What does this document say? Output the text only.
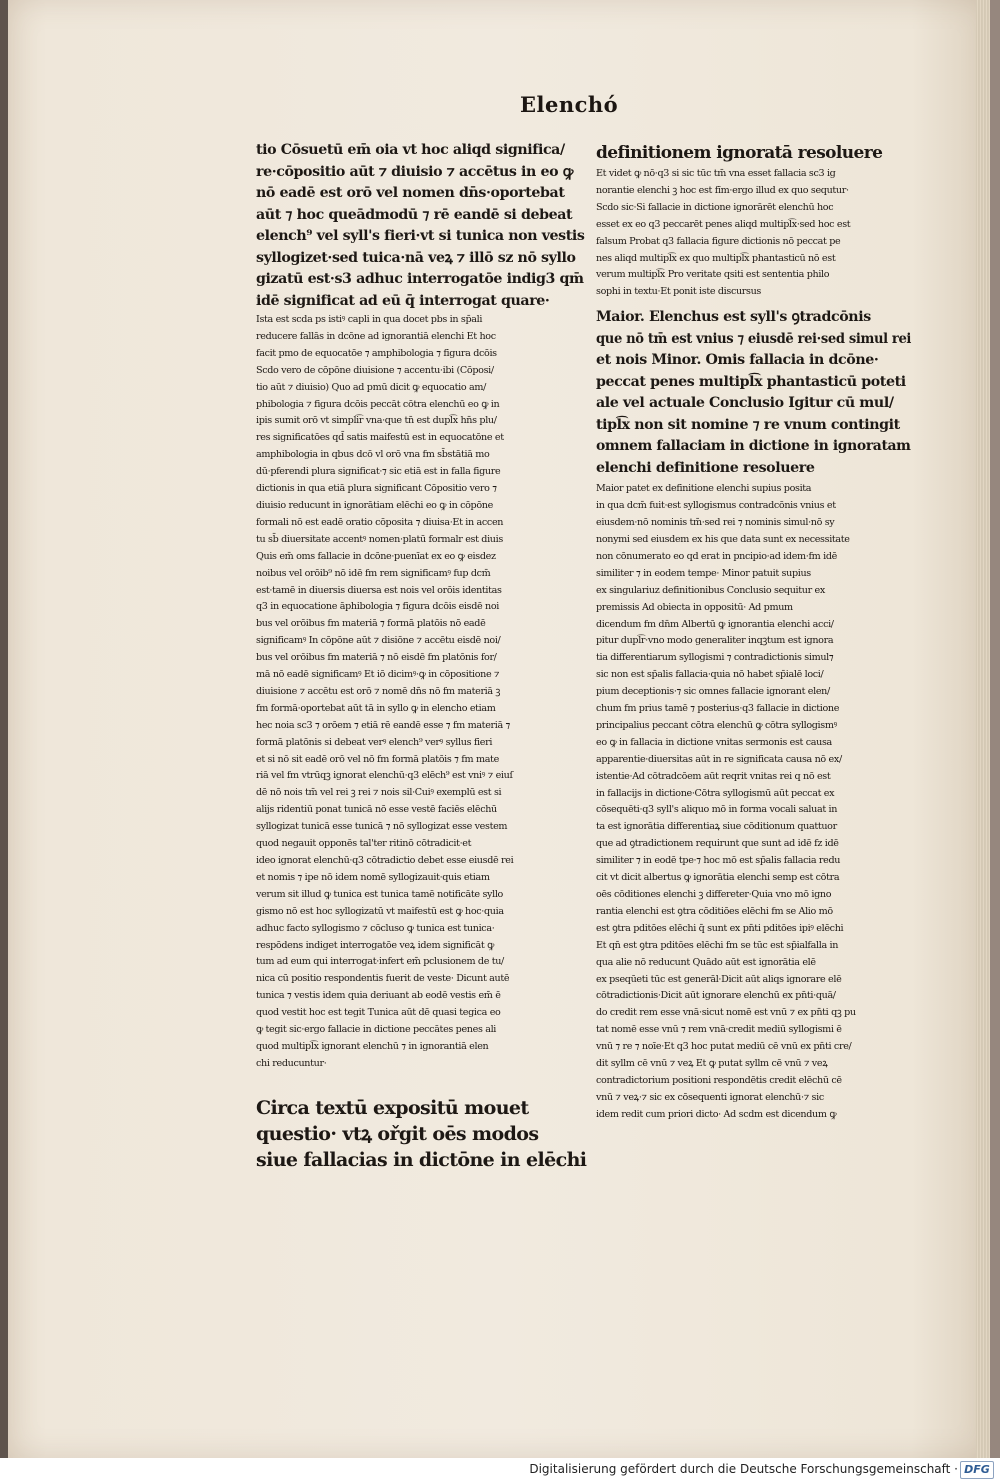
Elenchó

tio Cōsuetū em̄ oia vt hoc aliqd significa/

re·cōpositio aūt ⁊ diuisio ⁊ accētus in eo ꝙ

nō eadē est orō vel nomen dn̄s·oportebat

aūt ⁊ hoc queādmodū ⁊ rē eandē si debeat

elench⁹ vel syll's fieri·vt si tunica non vestis

syllogizet·sed tuica·nā veꝝ ⁊ illō sz nō syllo

gizatū est·s3 adhuc interrogatōe indig3 qm̄

idē significat ad eū q̄ interrogat quare·

Ista est scda ps istiꝰ capli in qua docet pbs in sp̄ali

reducere fallās in dcōne ad ignorantiā elenchi Et hoc

facit pmo de equocatōe ⁊ amphibologia ⁊ figura dcōis

Scdo vero de cōpōne diuisione ⁊ accentu·ibi (Cōposi/

tio aūt ⁊ diuisio) Quo ad pmū dicit ꝙ equocatio am/

phibologia ⁊ figura dcōis peccāt cōtra elenchū eo ꝙ in

ipis sumit orō vt simpli͡r vna·que tn̄ est dupl͡x hn̄s plu/

res significatōes qd̄ satis maifestū est in equocatōne et

amphibologia in qbus dcō vl orō vna fm sb̄stātiā mo

dū·pferendi plura significat·⁊ sic etiā est in falla figure

dictionis in qua etiā plura significant Cōpositio vero ⁊

diuisio reducunt in ignorātiam elēchi eo ꝙ in cōpōne

formali nō est eadē oratio cōposita ⁊ diuisa·Et in accen

tu sb̄ diuersitate accentꝰ nomen·platū formalr est diuis

Quis em̄ oms fallacie in dcōne·puenīat ex eo ꝙ eisdez

noibus vel orōib⁹ nō idē fm rem significamꝰ fup dcm̄

est·tamē in diuersis diuersa est nois vel orōis identitas

q3 in equocatione āphibologia ⁊ figura dcōis eisdē noi

bus vel orōibus fm materiā ⁊ formā platōis nō eadē

significamꝰ In cōpōne aūt ⁊ disiōne ⁊ accētu eisdē noi/

bus vel orōibus fm materiā ⁊ nō eisdē fm platōnis for/

mā nō eadē significamꝰ Et iō dicimꝰ·ꝙ in cōpositione ⁊

diuisione ⁊ accētu est orō ⁊ nomē dn̄s nō fm materiā ꝫ

fm formā·oportebat aūt tā in syllo ꝙ in elencho etiam

hec noia sc3 ⁊ orōem ⁊ etiā rē eandē esse ⁊ fm materiā ⁊

formā platōnis si debeat verꝰ elench⁹ verꝰ syllus fieri

et si nō sit eadē orō vel nō fm formā platōis ⁊ fm mate

riā vel fm vtrūqꝫ ignorat elenchū·q3 elēch⁹ est vniꝰ ⁊ eiuſ

dē nō nois tm̄ vel rei ꝫ rei ⁊ nois sil·Cuiꝰ exemplū est si

alijs ridentiū ponat tunicā nō esse vestē faciēs elēchū

syllogizat tunicā esse tunicā ⁊ nō syllogizat esse vestem

quod negauit opponēs tal'ter ritinō cōtradicit·et

ideo ignorat elenchū·q3 cōtradictio debet esse eiusdē rei

et nomis ⁊ ipe nō idem nomē syllogizauit·quis etiam

verum sit illud ꝙ tunica est tunica tamē notificāte syllo

gismo nō est hoc syllogizatū vt maifestū est ꝙ hoc·quia

adhuc facto syllogismo ⁊ cōcluso ꝙ tunica est tunica·

respōdens indiget interrogatōe veꝝ idem significāt ꝙ

tum ad eum qui interrogat·infert em̄ pclusionem de tu/

nica cū positio respondentis fuerit de veste· Dicunt autē

tunica ⁊ vestis idem quia deriuant ab eodē vestis em̄ ē

quod vestit hoc est tegit Tunica aūt dē quasi tegica eo

ꝙ tegit sic·ergo fallacie in dictione peccātes penes ali

quod multipl͡x ignorant elenchū ⁊ in ignorantiā elen

chi reducuntur·

Circa textū expositū mouet

questio· vtꝝ ořgit oēs modos

siue fallacias in dictōne in elēchi

definitionem ignoratā resoluere

Et videt ꝙ nō·q3 si sic tūc tm̄ vna esset fallacia sc3 ig

norantie elenchi ꝫ hoc est fīm·ergo illud ex quo sequtur·

Scdo sic·Si fallacie in dictione ignorārēt elenchū hoc

esset ex eo q3 peccarēt penes aliqd multipl͡x·sed hoc est

falsum Probat q3 fallacia figure dictionis nō peccat pe

nes aliqd multipl͡x ex quo multipl͡x phantasticū nō est

verum multipl͡x Pro veritate qsiti est sententia philo

sophi in textu·Et ponit iste discursus

Maior. Elenchus est syll's ꝯtradcōnis

que nō tm̄ est vnius ⁊ eiusdē rei·sed simul rei

et nois Minor. Omis fallacia in dcōne·

peccat penes multipl͡x phantasticū poteti

ale vel actuale Conclusio Igitur cū mul/

tipl͡x non sit nomine ⁊ re vnum contingit

omnem fallaciam in dictione in ignoratam

elenchi definitione resoluere

Maior patet ex definitione elenchi supius posita

in qua dcm̄ fuit·est syllogismus contradcōnis vnius et

eiusdem·nō nominis tm̄·sed rei ⁊ nominis simul·nō sy

nonymi sed eiusdem ex his que data sunt ex necessitate

non cōnumerato eo qd erat in pncipio·ad idem·fm idē

similiter ⁊ in eodem tempe· Minor patuit supius

ex singulariuz definitionibus Conclusio sequitur ex

premissis Ad obiecta in oppositū· Ad pmum

dicendum fm dn̄m Albertū ꝙ ignorantia elenchi acci/

pitur dupl͡r·vno modo generaliter inqꝫtum est ignora

tia differentiarum syllogismi ⁊ contradictionis simul⁊

sic non est sp̄alis fallacia·quia nō habet sp̄ialē loci/

pium deceptionis·⁊ sic omnes fallacie ignorant elen/

chum fm prius tamē ⁊ posterius·q3 fallacie in dictione

principalius peccant cōtra elenchū ꝙ cōtra syllogismꝰ

eo ꝙ in fallacia in dictione vnitas sermonis est causa

apparentie·diuersitas aūt in re significata causa nō ex/

istentie·Ad cōtradcōem aūt reqrit vnitas rei q nō est

in fallacijs in dictione·Cōtra syllogismū aūt peccat ex

cōsequēti·q3 syll's aliquo mō in forma vocali saluat in

ta est ignorātia differentiaꝝ siue cōditionum quattuor

que ad ꝯtradictionem requirunt que sunt ad idē fz idē

similiter ⁊ in eodē tpe·⁊ hoc mō est sp̄alis fallacia redu

cit vt dicit albertus ꝙ ignorātia elenchi semp est cōtra

oēs cōditiones elenchi ꝫ differeter·Quia vno mō igno

rantia elenchi est ꝯtra cōditiōes elēchi fm se Alio mō

est ꝯtra pditōes elēchi q̄ sunt ex pn̄ti pditōes ipiꝰ elēchi

Et qn̄ est ꝯtra pditōes elēchi fm se tūc est sp̄ialfalla in

qua alie nō reducunt Quādo aūt est ignorātia elē

ex pseqūeti tūc est generāl·Dicit aūt aliqs ignorare elē

cōtradictionis·Dicit aūt ignorare elenchū ex pn̄ti·quā/

do credit rem esse vnā·sicut nomē est vnū ⁊ ex pn̄ti qꝫ pu

tat nomē esse vnū ⁊ rem vnā·credit mediū syllogismi ē

vnū ⁊ re ⁊ noīe·Et q3 hoc putat mediū cē vnū ex pn̄ti cre/

dit syllm cē vnū ⁊ veꝝ Et ꝙ putat syllm cē vnū ⁊ veꝝ

contradictorium positioni respondētis credit elēchū cē

vnū ⁊ veꝝ·⁊ sic ex cōsequenti ignorat elenchū·⁊ sic

idem redit cum priori dicto· Ad scdm est dicendum ꝙ

Digitalisierung gefördert durch die Deutsche Forschungsgemeinschaft · DFG
